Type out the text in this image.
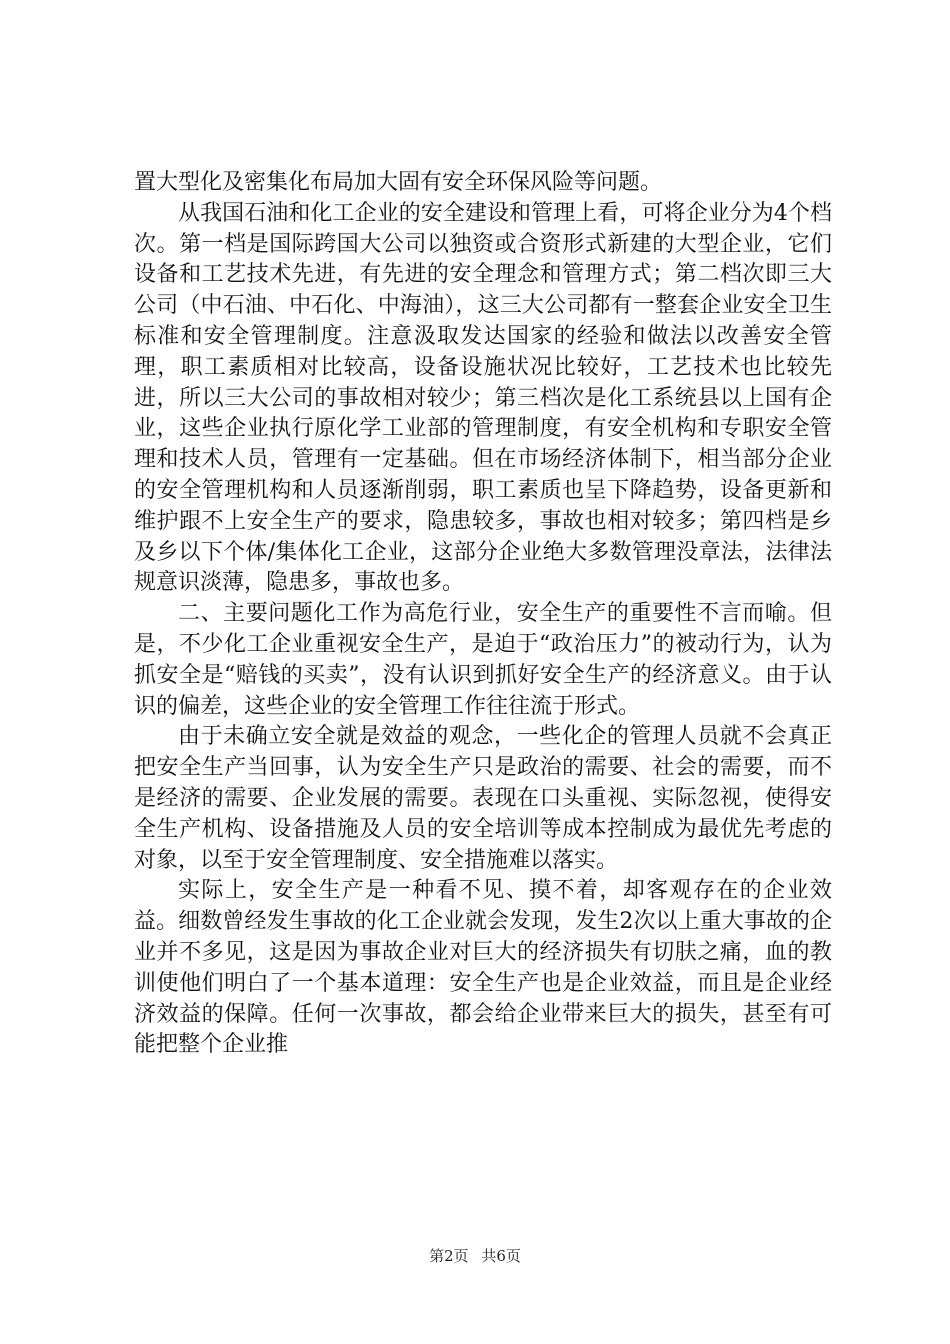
置大型化及密集化布局加大固有安全环保风险等问题。

从我国石油和化工企业的安全建设和管理上看，可将企业分为4个档次。第一档是国际跨国大公司以独资或合资形式新建的大型企业，它们设备和工艺技术先进，有先进的安全理念和管理方式；第二档次即三大公司（中石油、中石化、中海油），这三大公司都有一整套企业安全卫生标准和安全管理制度。注意汲取发达国家的经验和做法以改善安全管理，职工素质相对比较高，设备设施状况比较好，工艺技术也比较先进，所以三大公司的事故相对较少；第三档次是化工系统县以上国有企业，这些企业执行原化学工业部的管理制度，有安全机构和专职安全管理和技术人员，管理有一定基础。但在市场经济体制下，相当部分企业的安全管理机构和人员逐渐削弱，职工素质也呈下降趋势，设备更新和维护跟不上安全生产的要求，隐患较多，事故也相对较多；第四档是乡及乡以下个体/集体化工企业，这部分企业绝大多数管理没章法，法律法规意识淡薄，隐患多，事故也多。

二、主要问题化工作为高危行业，安全生产的重要性不言而喻。但是，不少化工企业重视安全生产，是迫于“政治压力”的被动行为，认为抓安全是“赔钱的买卖”，没有认识到抓好安全生产的经济意义。由于认识的偏差，这些企业的安全管理工作往往流于形式。

由于未确立安全就是效益的观念，一些化企的管理人员就不会真正把安全生产当回事，认为安全生产只是政治的需要、社会的需要，而不是经济的需要、企业发展的需要。表现在口头重视、实际忽视，使得安全生产机构、设备措施及人员的安全培训等成本控制成为最优先考虑的对象，以至于安全管理制度、安全措施难以落实。

实际上，安全生产是一种看不见、摸不着，却客观存在的企业效益。细数曾经发生事故的化工企业就会发现，发生2次以上重大事故的企业并不多见，这是因为事故企业对巨大的经济损失有切肤之痛，血的教训使他们明白了一个基本道理：安全生产也是企业效益，而且是企业经济效益的保障。任何一次事故，都会给企业带来巨大的损失，甚至有可能把整个企业推

第2页 共6页
